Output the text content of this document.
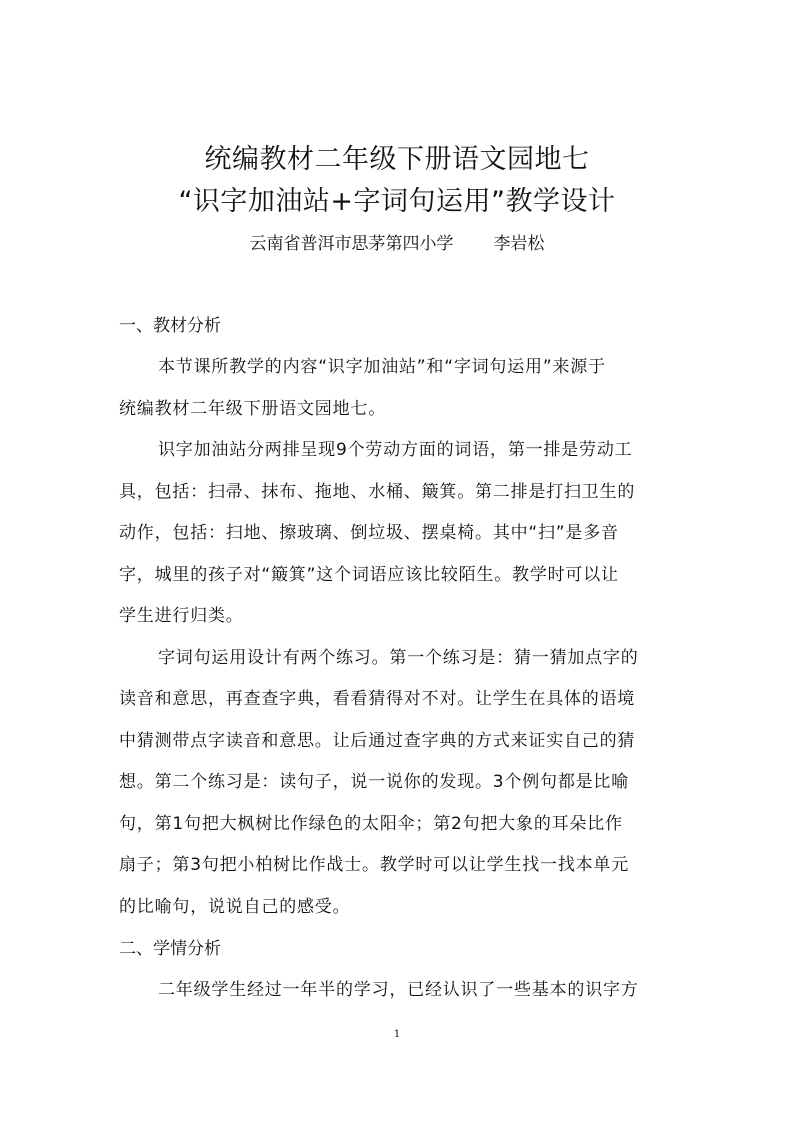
统编教材二年级下册语文园地七
“识字加油站+字词句运用”教学设计
云南省普洱市思茅第四小学 李岩松
一、教材分析
本节课所教学的内容“识字加油站”和“字词句运用”来源于
统编教材二年级下册语文园地七。
识字加油站分两排呈现9个劳动方面的词语，第一排是劳动工
具，包括：扫帚、抹布、拖地、水桶、簸箕。第二排是打扫卫生的
动作，包括：扫地、擦玻璃、倒垃圾、摆桌椅。其中“扫”是多音
字，城里的孩子对“簸箕”这个词语应该比较陌生。教学时可以让
学生进行归类。
字词句运用设计有两个练习。第一个练习是：猜一猜加点字的
读音和意思，再查查字典，看看猜得对不对。让学生在具体的语境
中猜测带点字读音和意思。让后通过查字典的方式来证实自己的猜
想。第二个练习是：读句子，说一说你的发现。3个例句都是比喻
句，第1句把大枫树比作绿色的太阳伞；第2句把大象的耳朵比作
扇子；第3句把小柏树比作战士。教学时可以让学生找一找本单元
的比喻句，说说自己的感受。
二、学情分析
二年级学生经过一年半的学习，已经认识了一些基本的识字方
1
